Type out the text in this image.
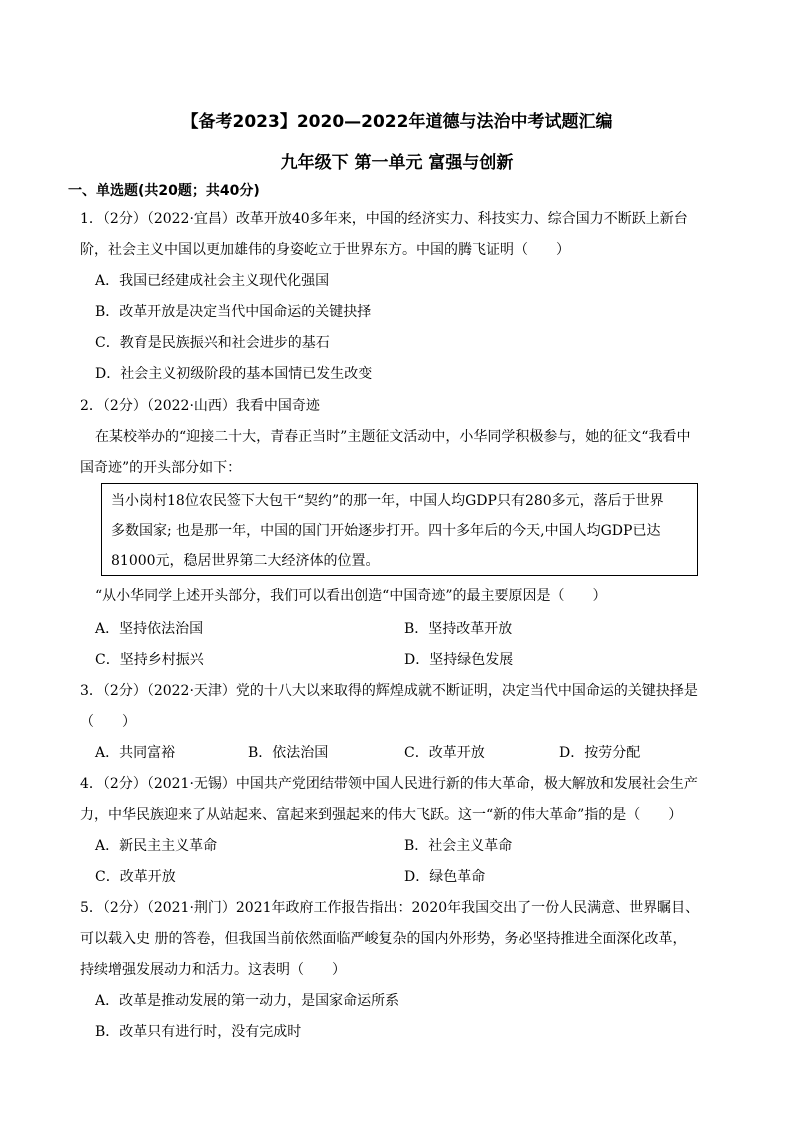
【备考2023】2020—2022年道德与法治中考试题汇编
九年级下 第一单元 富强与创新
一、单选题(共20题；共40分)
1．（2分）（2022·宜昌）改革开放40多年来，中国的经济实力、科技实力、综合国力不断跃上新台
阶，社会主义中国以更加雄伟的身姿屹立于世界东方。中国的腾飞证明（　　）
A．我国已经建成社会主义现代化强国
B．改革开放是决定当代中国命运的关键抉择
C．教育是民族振兴和社会进步的基石
D．社会主义初级阶段的基本国情已发生改变
2．（2分）（2022·山西）我看中国奇迹
在某校举办的“迎接二十大，青春正当时”主题征文活动中，小华同学积极参与，她的征文“我看中
国奇迹”的开头部分如下：
当小岗村18位农民签下大包干“契约”的那一年，中国人均GDP只有280多元，落后于世界
多数国家; 也是那一年，中国的国门开始逐步打开。四十多年后的今天,中国人均GDP已达
81000元，稳居世界第二大经济体的位置。
“从小华同学上述开头部分，我们可以看出创造“中国奇迹”的最主要原因是（　　）
A．坚持依法治国	B．坚持改革开放
C．坚持乡村振兴	D．坚持绿色发展
3．（2分）（2022·天津）党的十八大以来取得的辉煌成就不断证明，决定当代中国命运的关键抉择是
（　　）
A．共同富裕	B．依法治国	C．改革开放	D．按劳分配
4．（2分）（2021·无锡）中国共产党团结带领中国人民进行新的伟大革命，极大解放和发展社会生产
力，中华民族迎来了从站起来、富起来到强起来的伟大飞跃。这一“新的伟大革命”指的是（　　）
A．新民主主义革命	B．社会主义革命
C．改革开放	D．绿色革命
5．（2分）（2021·荆门）2021年政府工作报告指出：2020年我国交出了一份人民满意、世界瞩目、
可以载入史 册的答卷，但我国当前依然面临严峻复杂的国内外形势，务必坚持推进全面深化改革，
持续增强发展动力和活力。这表明（　　）
A．改革是推动发展的第一动力，是国家命运所系
B．改革只有进行时，没有完成时
